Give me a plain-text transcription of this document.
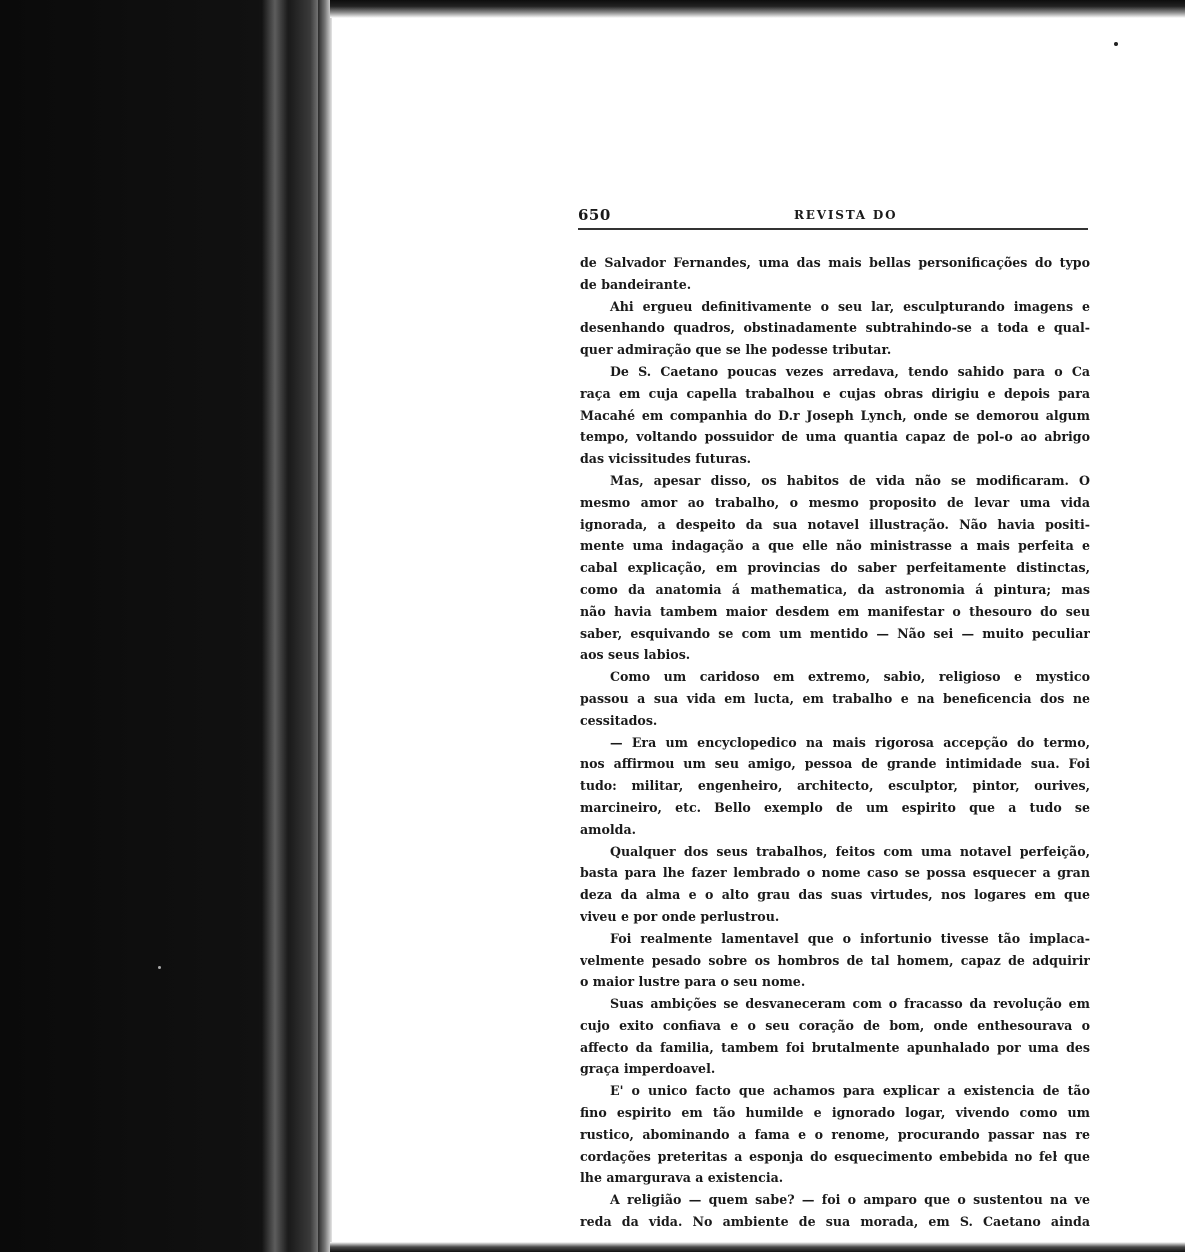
650	REVISTA DO
de Salvador Fernandes, uma das mais bellas personificações do typo
de bandeirante.
Ahi ergueu definitivamente o seu lar, esculpturando imagens e
desenhando quadros, obstinadamente subtrahindo-se a toda e qual-
quer admiração que se lhe podesse tributar.
De S. Caetano poucas vezes arredava, tendo sahido para o Ca
raça em cuja capella trabalhou e cujas obras dirigiu e depois para
Macahé em companhia do D.r Joseph Lynch, onde se demorou algum
tempo, voltando possuidor de uma quantia capaz de pol-o ao abrigo
das vicissitudes futuras.
Mas, apesar disso, os habitos de vida não se modificaram. O
mesmo amor ao trabalho, o mesmo proposito de levar uma vida
ignorada, a despeito da sua notavel illustração. Não havia positi-
mente uma indagação a que elle não ministrasse a mais perfeita e
cabal explicação, em provincias do saber perfeitamente distinctas,
como da anatomia á mathematica, da astronomia á pintura; mas
não havia tambem maior desdem em manifestar o thesouro do seu
saber, esquivando se com um mentido — Não sei — muito peculiar
aos seus labios.
Como um caridoso em extremo, sabio, religioso e mystico
passou a sua vida em lucta, em trabalho e na beneficencia dos ne
cessitados.
— Era um encyclopedico na mais rigorosa accepção do termo,
nos affirmou um seu amigo, pessoa de grande intimidade sua. Foi
tudo: militar, engenheiro, architecto, esculptor, pintor, ourives,
marcineiro, etc. Bello exemplo de um espirito que a tudo se
amolda.
Qualquer dos seus trabalhos, feitos com uma notavel perfeição,
basta para lhe fazer lembrado o nome caso se possa esquecer a gran
deza da alma e o alto grau das suas virtudes, nos logares em que
viveu e por onde perlustrou.
Foi realmente lamentavel que o infortunio tivesse tão implaca-
velmente pesado sobre os hombros de tal homem, capaz de adquirir
o maior lustre para o seu nome.
Suas ambições se desvaneceram com o fracasso da revolução em
cujo exito confiava e o seu coração de bom, onde enthesourava o
affecto da familia, tambem foi brutalmente apunhalado por uma des
graça imperdoavel.
E' o unico facto que achamos para explicar a existencia de tão
fino espirito em tão humilde e ignorado logar, vivendo como um
rustico, abominando a fama e o renome, procurando passar nas re
cordações preteritas a esponja do esquecimento embebida no fel que
lhe amargurava a existencia.
A religião — quem sabe? — foi o amparo que o sustentou na ve
reda da vida. No ambiente de sua morada, em S. Caetano ainda
